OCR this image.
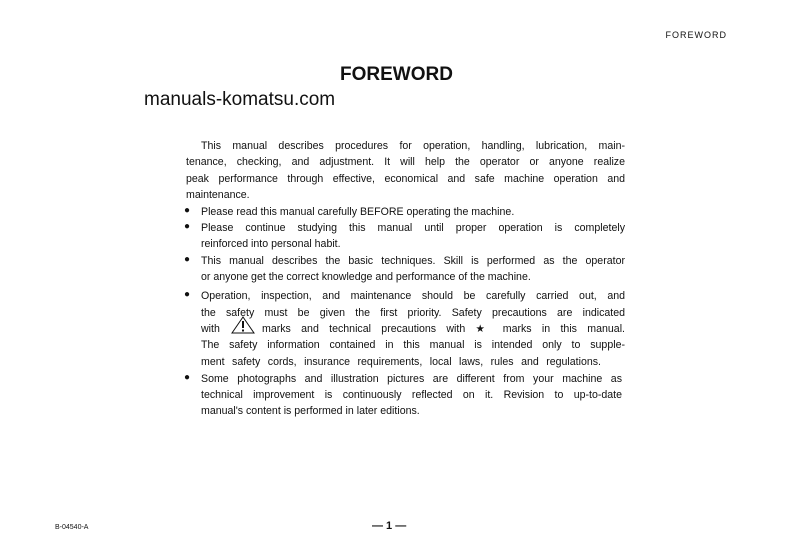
FOREWORD
FOREWORD
manuals-komatsu.com
This manual describes procedures for operation, handling, lubrication, main-
tenance, checking, and adjustment. It will help the operator or anyone realize
peak performance through effective, economical and safe machine operation and
maintenance.
● Please read this manual carefully BEFORE operating the machine.
● Please continue studying this manual until proper operation is completely
reinforced into personal habit.
● This manual describes the basic techniques. Skill is performed as the operator
or anyone get the correct knowledge and performance of the machine.
● Operation, inspection, and maintenance should be carefully carried out, and
the safety must be given the first priority. Safety precautions are indicated
with	marks and technical precautions with ★ marks in this manual.
The safety information contained in this manual is intended only to supple-
ment safety cords, insurance requirements, local laws, rules and regulations.
● Some photographs and illustration pictures are different from your machine as
technical improvement is continuously reflected on it. Revision to up-to-date
manual's content is performed in later editions.
B-04540-A	— 1 —
